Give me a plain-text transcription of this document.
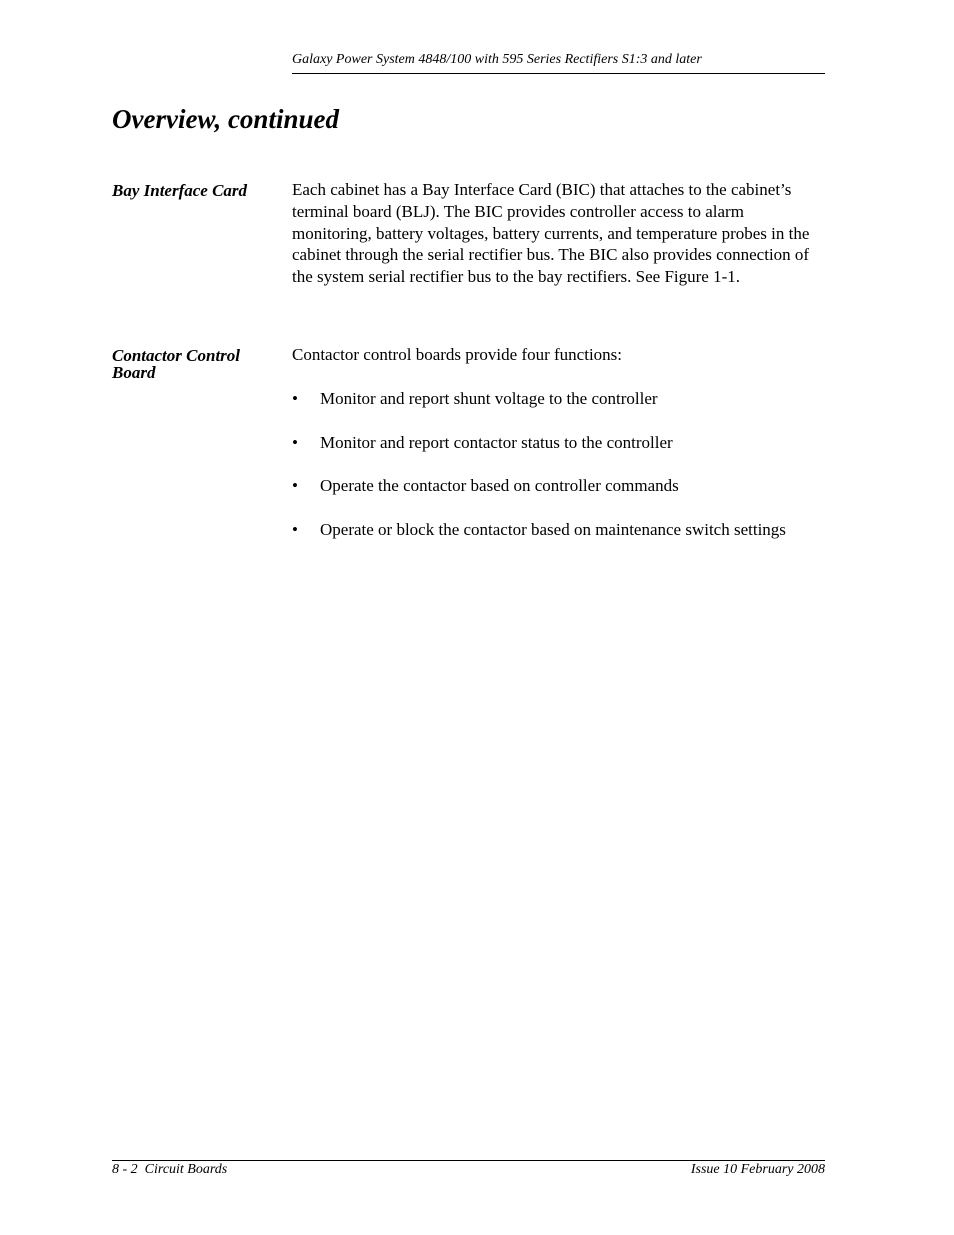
Galaxy Power System 4848/100 with 595 Series Rectifiers S1:3 and later
Overview, continued
Bay Interface Card	Each cabinet has a Bay Interface Card (BIC) that attaches to the cabinet’s terminal board (BLJ). The BIC provides controller access to alarm monitoring, battery voltages, battery currents, and temperature probes in the cabinet through the serial rectifier bus. The BIC also provides connection of the system serial rectifier bus to the bay rectifiers. See Figure 1-1.

Contactor Control Board

Contactor control boards provide four functions:

• Monitor and report shunt voltage to the controller
• Monitor and report contactor status to the controller
• Operate the contactor based on controller commands
• Operate or block the contactor based on maintenance switch settings
8 - 2  Circuit Boards	Issue 10 February 2008
